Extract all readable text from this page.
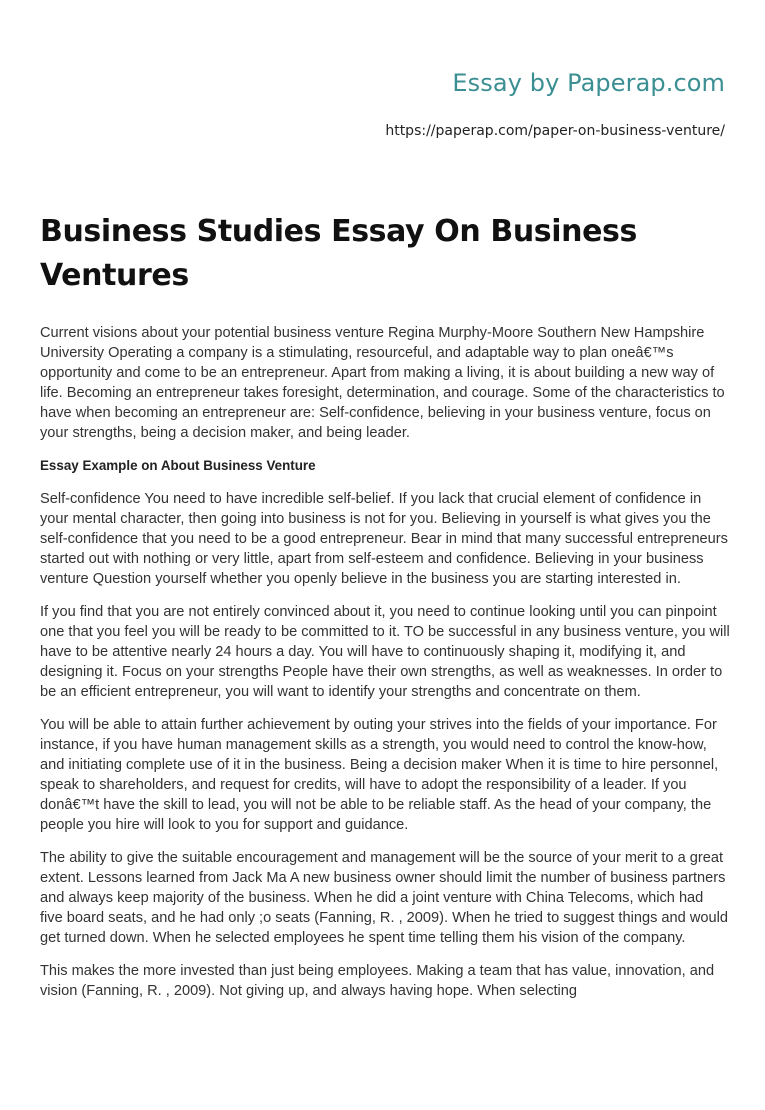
Essay by Paperap.com
https://paperap.com/paper-on-business-venture/
Business Studies Essay On Business Ventures

Current visions about your potential business venture Regina Murphy-Moore Southern New Hampshire University Operating a company is a stimulating, resourceful, and adaptable way to plan oneâ€™s opportunity and come to be an entrepreneur. Apart from making a living, it is about building a new way of life. Becoming an entrepreneur takes foresight, determination, and courage. Some of the characteristics to have when becoming an entrepreneur are: Self-confidence, believing in your business venture, focus on your strengths, being a decision maker, and being leader.

Essay Example on About Business Venture

Self-confidence You need to have incredible self-belief. If you lack that crucial element of confidence in your mental character, then going into business is not for you. Believing in yourself is what gives you the self-confidence that you need to be a good entrepreneur. Bear in mind that many successful entrepreneurs started out with nothing or very little, apart from self-esteem and confidence. Believing in your business venture Question yourself whether you openly believe in the business you are starting interested in.

If you find that you are not entirely convinced about it, you need to continue looking until you can pinpoint one that you feel you will be ready to be committed to it. TO be successful in any business venture, you will have to be attentive nearly 24 hours a day. You will have to continuously shaping it, modifying it, and designing it. Focus on your strengths People have their own strengths, as well as weaknesses. In order to be an efficient entrepreneur, you will want to identify your strengths and concentrate on them.

You will be able to attain further achievement by outing your strives into the fields of your importance. For instance, if you have human management skills as a strength, you would need to control the know-how, and initiating complete use of it in the business. Being a decision maker When it is time to hire personnel, speak to shareholders, and request for credits, will have to adopt the responsibility of a leader. If you donâ€™t have the skill to lead, you will not be able to be reliable staff. As the head of your company, the people you hire will look to you for support and guidance.

The ability to give the suitable encouragement and management will be the source of your merit to a great extent. Lessons learned from Jack Ma A new business owner should limit the number of business partners and always keep majority of the business. When he did a joint venture with China Telecoms, which had five board seats, and he had only ;o seats (Fanning, R. , 2009). When he tried to suggest things and would get turned down. When he selected employees he spent time telling them his vision of the company.

This makes the more invested than just being employees. Making a team that has value, innovation, and vision (Fanning, R. , 2009). Not giving up, and always having hope. When selecting
